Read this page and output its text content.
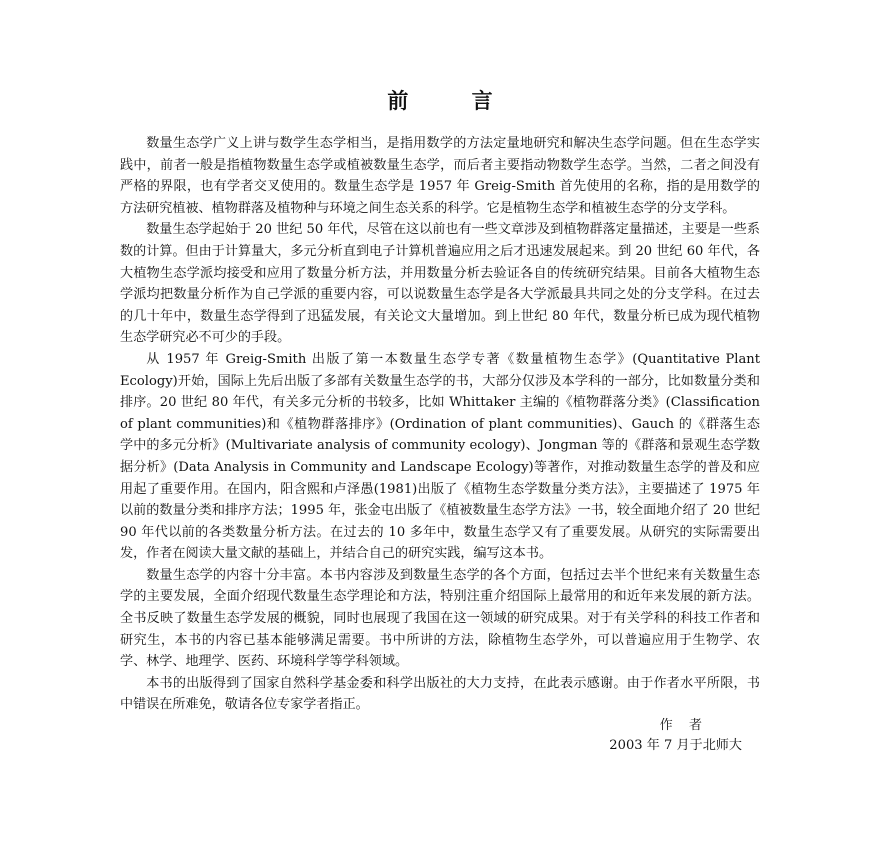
前 言

数量生态学广义上讲与数学生态学相当，是指用数学的方法定量地研究和解决生态学问题。但在生态学实践中，前者一般是指植物数量生态学或植被数量生态学，而后者主要指动物数学生态学。当然，二者之间没有严格的界限，也有学者交叉使用的。数量生态学是 1957 年 Greig-Smith 首先使用的名称，指的是用数学的方法研究植被、植物群落及植物种与环境之间生态关系的科学。它是植物生态学和植被生态学的分支学科。

数量生态学起始于 20 世纪 50 年代，尽管在这以前也有一些文章涉及到植物群落定量描述，主要是一些系数的计算。但由于计算量大，多元分析直到电子计算机普遍应用之后才迅速发展起来。到 20 世纪 60 年代，各大植物生态学派均接受和应用了数量分析方法，并用数量分析去验证各自的传统研究结果。目前各大植物生态学派均把数量分析作为自己学派的重要内容，可以说数量生态学是各大学派最具共同之处的分支学科。在过去的几十年中，数量生态学得到了迅猛发展，有关论文大量增加。到上世纪 80 年代，数量分析已成为现代植物生态学研究必不可少的手段。

从 1957 年 Greig-Smith 出版了第一本数量生态学专著《数量植物生态学》(Quantitative Plant Ecology)开始，国际上先后出版了多部有关数量生态学的书，大部分仅涉及本学科的一部分，比如数量分类和排序。20 世纪 80 年代，有关多元分析的书较多，比如 Whittaker 主编的《植物群落分类》(Classification of plant communities)和《植物群落排序》(Ordination of plant communities)、Gauch 的《群落生态学中的多元分析》(Multivariate analysis of community ecology)、Jongman 等的《群落和景观生态学数据分析》(Data Analysis in Community and Landscape Ecology)等著作，对推动数量生态学的普及和应用起了重要作用。在国内，阳含熙和卢泽愚(1981)出版了《植物生态学数量分类方法》，主要描述了 1975 年以前的数量分类和排序方法；1995 年，张金屯出版了《植被数量生态学方法》一书，较全面地介绍了 20 世纪 90 年代以前的各类数量分析方法。在过去的 10 多年中，数量生态学又有了重要发展。从研究的实际需要出发，作者在阅读大量文献的基础上，并结合自己的研究实践，编写这本书。

数量生态学的内容十分丰富。本书内容涉及到数量生态学的各个方面，包括过去半个世纪来有关数量生态学的主要发展，全面介绍现代数量生态学理论和方法，特别注重介绍国际上最常用的和近年来发展的新方法。全书反映了数量生态学发展的概貌，同时也展现了我国在这一领域的研究成果。对于有关学科的科技工作者和研究生，本书的内容已基本能够满足需要。书中所讲的方法，除植物生态学外，可以普遍应用于生物学、农学、林学、地理学、医药、环境科学等学科领域。

本书的出版得到了国家自然科学基金委和科学出版社的大力支持，在此表示感谢。由于作者水平所限，书中错误在所难免，敬请各位专家学者指正。

作 者
2003 年 7 月于北师大
